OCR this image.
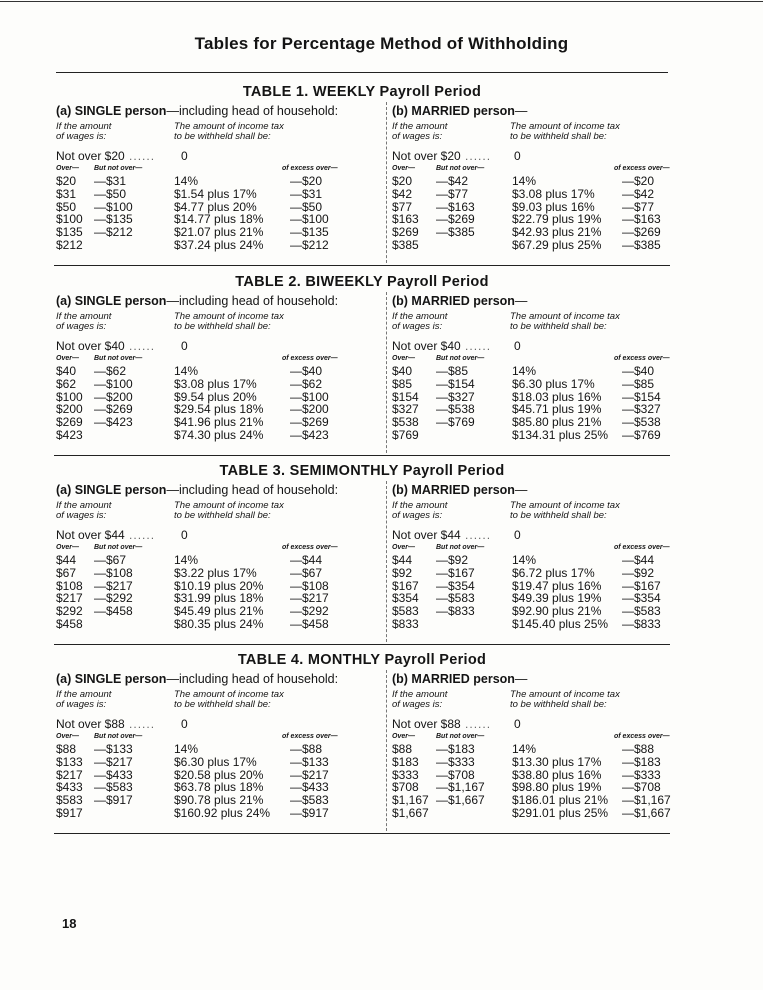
Tables for Percentage Method of Withholding
TABLE 1. WEEKLY Payroll Period
(a) SINGLE person—including head of household:
If the amount
of wages is:
The amount of income tax
to be withheld shall be:
Not over $20 ...... 0
Over— But not over—	of excess over—
$20 —$31	14%	—$20
$31 —$50	$1.54 plus 17%	—$31
$50 —$100	$4.77 plus 20%	—$50
$100 —$135	$14.77 plus 18% —$100
$135 —$212	$21.07 plus 21% —$135
$212	$37.24 plus 24% —$212
(b) MARRIED person—
If the amount
of wages is:
The amount of income tax
to be withheld shall be:
Not over $20 ...... 0
Over—	But not over—	of excess over—
$20 —$42	14%	—$20
$42 —$77	$3.08 plus 17% —$42
$77 —$163	$9.03 plus 16% —$77
$163 —$269	$22.79 plus 19% —$163
$269 —$385	$42.93 plus 21% —$269
$385	$67.29 plus 25% —$385
TABLE 2. BIWEEKLY Payroll Period
(a) SINGLE person—including head of household:
If the amount
of wages is:
The amount of income tax
to be withheld shall be:
Not over $40 ...... 0
Over— But not over—	of excess over—
$40 —$62	14%	—$40
$62 —$100	$3.08 plus 17%	—$62
$100 —$200	$9.54 plus 20%	—$100
$200 —$269	$29.54 plus 18% —$200
$269 —$423	$41.96 plus 21% —$269
$423	$74.30 plus 24% —$423
(b) MARRIED person—
If the amount
of wages is:
The amount of income tax
to be withheld shall be:
Not over $40 ...... 0
Over—	But not over—	of excess over—
$40 —$85	14%	—$40
$85 —$154	$6.30 plus 17% —$85
$154 —$327	$18.03 plus 16% —$154
$327 —$538	$45.71 plus 19% —$327
$538 —$769	$85.80 plus 21% —$538
$769	$134.31 plus 25% —$769
TABLE 3. SEMIMONTHLY Payroll Period
(a) SINGLE person—including head of household:
If the amount
of wages is:
The amount of income tax
to be withheld shall be:
Not over $44 ...... 0
Over— But not over—	of excess over—
$44 —$67	14%	—$44
$67 —$108	$3.22 plus 17%	—$67
$108 —$217	$10.19 plus 20% —$108
$217 —$292	$31.99 plus 18% —$217
$292 —$458	$45.49 plus 21% —$292
$458	$80.35 plus 24% —$458
(b) MARRIED person—
If the amount
of wages is:
The amount of income tax
to be withheld shall be:
Not over $44 ...... 0
Over—	But not over—	of excess over—
$44 —$92	14%	—$44
$92 —$167	$6.72 plus 17% —$92
$167 —$354	$19.47 plus 16% —$167
$354 —$583	$49.39 plus 19% —$354
$583 —$833	$92.90 plus 21% —$583
$833	$145.40 plus 25% —$833
TABLE 4. MONTHLY Payroll Period
(a) SINGLE person—including head of household:
If the amount
of wages is:
The amount of income tax
to be withheld shall be:
Not over $88 ...... 0
Over— But not over—	of excess over—
$88 —$133	14%	—$88
$133 —$217	$6.30 plus 17%	—$133
$217 —$433	$20.58 plus 20% —$217
$433 —$583	$63.78 plus 18% —$433
$583 —$917	$90.78 plus 21% —$583
$917	$160.92 plus 24% —$917
(b) MARRIED person—
If the amount
of wages is:
The amount of income tax
to be withheld shall be:
Not over $88 ...... 0
Over—	But not over—	of excess over—
$88 —$183	14%	—$88
$183 —$333	$13.30 plus 17% —$183
$333 —$708	$38.80 plus 16% —$333
$708 —$1,167 $98.80 plus 19% —$708
$1,167 —$1,667 $186.01 plus 21% —$1,167
$1,667	$291.01 plus 25% —$1,667
18
